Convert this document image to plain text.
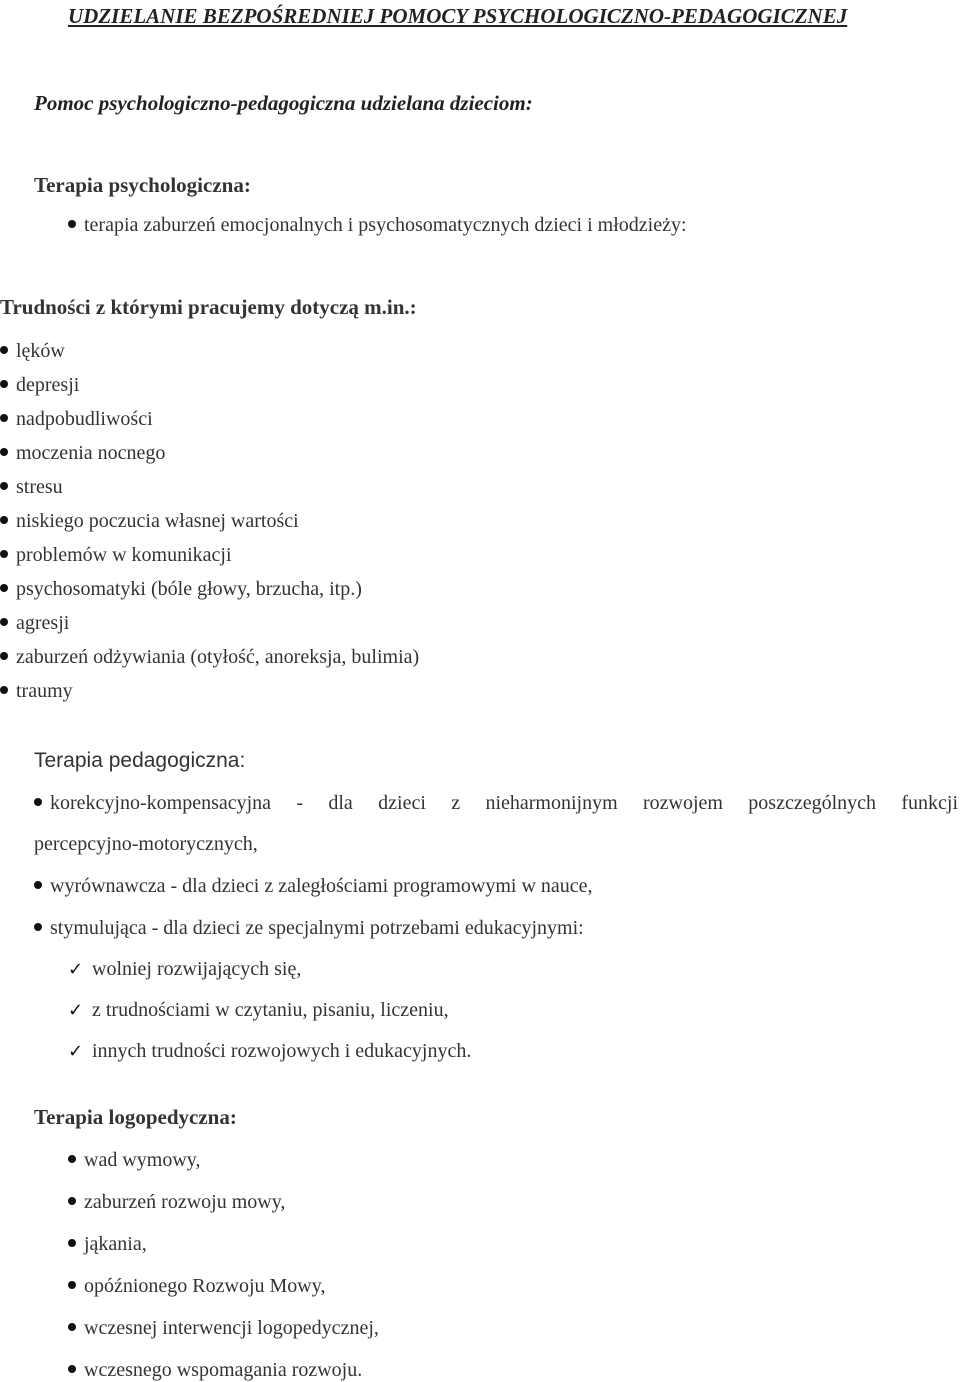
UDZIELANIE BEZPOŚREDNIEJ POMOCY PSYCHOLOGICZNO-PEDAGOGICZNEJ
Pomoc psychologiczno-pedagogiczna udzielana dzieciom:
Terapia psychologiczna:
terapia zaburzeń emocjonalnych i psychosomatycznych dzieci i młodzieży:
Trudności z którymi pracujemy dotyczą m.in.:
lęków
depresji
nadpobudliwości
moczenia nocnego
stresu
niskiego poczucia własnej wartości
problemów w komunikacji
psychosomatyki (bóle głowy, brzucha, itp.)
agresji
zaburzeń odżywiania (otyłość, anoreksja, bulimia)
traumy
Terapia pedagogiczna:
korekcyjno-kompensacyjna - dla dzieci z nieharmonijnym rozwojem poszczególnych funkcji
percepcyjno-motorycznych,
wyrównawcza - dla dzieci z zaległościami programowymi w nauce,
stymulująca - dla dzieci ze specjalnymi potrzebami edukacyjnymi:
✓ wolniej rozwijających się,
✓ z trudnościami w czytaniu, pisaniu, liczeniu,
✓ innych trudności rozwojowych i edukacyjnych.
Terapia logopedyczna:
wad wymowy,
zaburzeń rozwoju mowy,
jąkania,
opóźnionego Rozwoju Mowy,
wczesnej interwencji logopedycznej,
wczesnego wspomagania rozwoju.
